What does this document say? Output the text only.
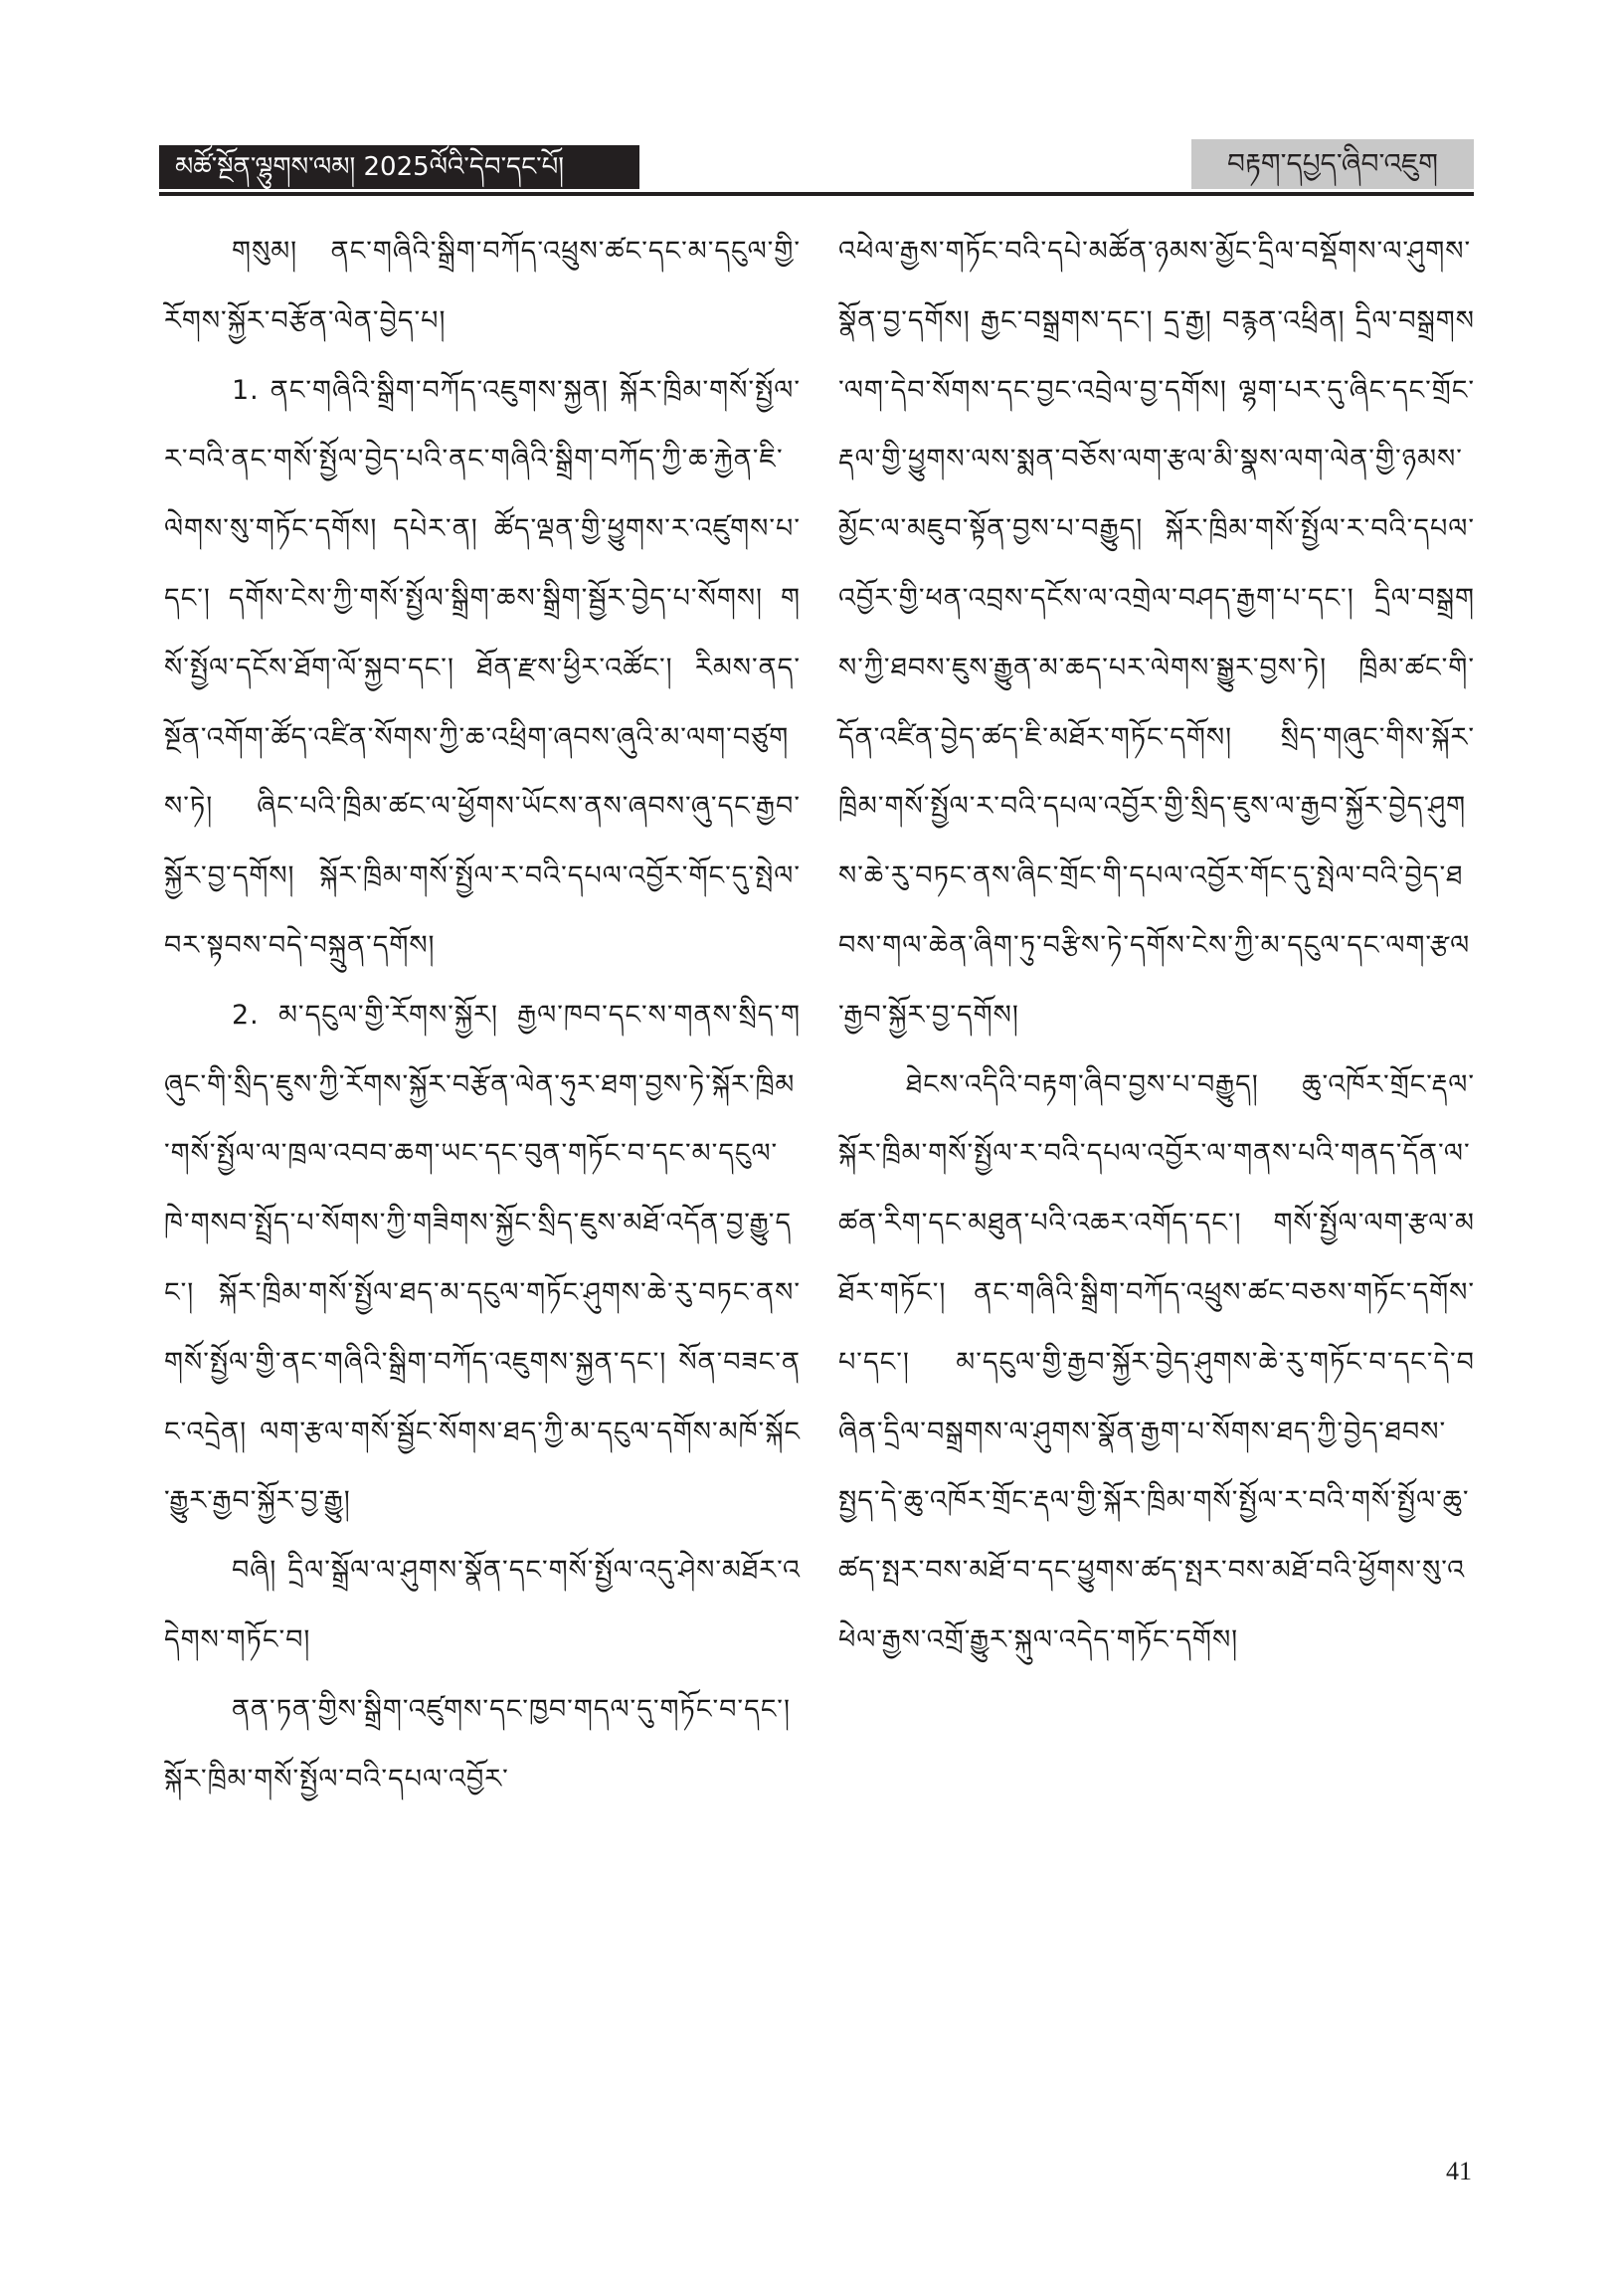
མཚོ་སྔོན་ལྷུགས་ལམ། 2025ལོའི་དེབ་དང་པོ།	བརྟག་དཔྱད་ཞིབ་འཇུག

གསུམ། ནང་གཞིའི་སྒྲིག་བཀོད་འཕྲུས་ཚང་དང་མ་དངུལ་གྱི་རོགས་སྐྱོར་བརྩོན་ལེན་བྱེད་པ།

1. ནང་གཞིའི་སྒྲིག་བཀོད་འཇུགས་སྐྱན། སྐོར་ཁྲིམ་གསོ་སྤྱོལ་ར་བའི་ནང་གསོ་སྤྱོལ་བྱེད་པའི་ནང་གཞིའི་སྒྲིག་བཀོད་ཀྱི་ཆ་རྐྱེན་ཇི་ལེགས་སུ་གཏོང་དགོས། དཔེར་ན། ཚོད་ལྡན་གྱི་ཕྱུགས་ར་འཛུགས་པ་དང་། དགོས་ངེས་ཀྱི་གསོ་སྤྱོལ་སྒྲིག་ཆས་སྒྲིག་སྦྱོར་བྱེད་པ་སོགས། གསོ་སྤྱོལ་དངོས་ཐོག་ལོ་སྐྱབ་དང་། ཐོན་རྫས་ཕྱིར་འཚོང་། རིམས་ནད་སྔོན་འགོག་ཚོད་འཛིན་སོགས་ཀྱི་ཆ་འཕྲིག་ཞབས་ཞུའི་མ་ལག་བཙུགས་ཏེ། ཞིང་པའི་ཁྲིམ་ཚང་ལ་ཕྱོགས་ཡོངས་ནས་ཞབས་ཞུ་དང་རྒྱབ་སྐྱོར་བྱ་དགོས། སྐོར་ཁྲིམ་གསོ་སྤྱོལ་ར་བའི་དཔལ་འབྱོར་གོང་དུ་སྤེལ་བར་སྟབས་བདེ་བསྐྲུན་དགོས།

2. མ་དངུལ་གྱི་རོགས་སྐྱོར། རྒྱལ་ཁབ་དང་ས་གནས་སྲིད་གཞུང་གི་སྲིད་ཇུས་ཀྱི་རོགས་སྐྱོར་བརྩོན་ལེན་ཧུར་ཐག་བྱས་ཏེ་སྐོར་ཁྲིམ་གསོ་སྤྱོལ་ལ་ཁྲལ་འབབ་ཆག་ཡང་དང་བུན་གཏོང་བ་དང་མ་དངུལ་ཁེ་གསབ་སྤྲོད་པ་སོགས་ཀྱི་གཟིགས་སྐྱོང་སྲིད་ཇུས་མཐོ་འདོན་བྱ་རྒྱུ་དང་། སྐོར་ཁྲིམ་གསོ་སྤྱོལ་ཐད་མ་དངུལ་གཏོང་ཤུགས་ཆེ་རུ་བཏང་ནས་གསོ་སྤྱོལ་གྱི་ནང་གཞིའི་སྒྲིག་བཀོད་འཇུགས་སྐྱན་དང་། སོན་བཟང་ནང་འདྲེན། ལག་རྩལ་གསོ་སྦྱོང་སོགས་ཐད་ཀྱི་མ་དངུལ་དགོས་མཁོ་སྐོང་རྒྱུར་རྒྱབ་སྐྱོར་བྱ་རྒྱུ།

བཞི། དྲིལ་སྒྲོལ་ལ་ཤུགས་སྣོན་དང་གསོ་སྤྱོལ་འདུ་ཤེས་མཐོར་འདེགས་གཏོང་བ།

ནན་ཏན་གྱིས་སྒྲིག་འཛུགས་དང་ཁྱབ་གདལ་དུ་གཏོང་བ་དང་། སྐོར་ཁྲིམ་གསོ་སྤྱོལ་བའི་དཔལ་འབྱོར་

འཕེལ་རྒྱས་གཏོང་བའི་དཔེ་མཚོན་ཉམས་མྱོང་དྲིལ་བསྡོགས་ལ་ཤུགས་སྣོན་བྱ་དགོས། རྒྱང་བསྒྲགས་དང་། དྲ་རྒྱ། བརྙན་འཕྲིན། དྲིལ་བསྒྲགས་ལག་དེབ་སོགས་དང་བྱང་འབྲེལ་བྱ་དགོས། ལྷག་པར་དུ་ཞིང་དང་གྲོང་རྡལ་གྱི་ཕྱུགས་ལས་སྨན་བཅོས་ལག་རྩལ་མི་སྣས་ལག་ལེན་གྱི་ཉམས་མྱོང་ལ་མཇུབ་སྟོན་བྱས་པ་བརྒྱུད། སྐོར་ཁྲིམ་གསོ་སྤྱོལ་ར་བའི་དཔལ་འབྱོར་གྱི་ཕན་འབྲས་དངོས་ལ་འགྲེལ་བཤད་རྒྱག་པ་དང་། དྲིལ་བསྒྲགས་ཀྱི་ཐབས་ཇུས་རྒྱུན་མ་ཆད་པར་ལེགས་སྒྱུར་བྱས་ཏེ། ཁྲིམ་ཚང་གི་དོན་འཛིན་བྱེད་ཚད་ཇི་མཐོར་གཏོང་དགོས། སྲིད་གཞུང་གིས་སྐོར་ཁྲིམ་གསོ་སྤྱོལ་ར་བའི་དཔལ་འབྱོར་གྱི་སྲིད་ཇུས་ལ་རྒྱབ་སྐྱོར་བྱེད་ཤུགས་ཆེ་རུ་བཏང་ནས་ཞིང་གྲོང་གི་དཔལ་འབྱོར་གོང་དུ་སྤེལ་བའི་བྱེད་ཐབས་གལ་ཆེན་ཞིག་ཏུ་བརྩིས་ཏེ་དགོས་ངེས་ཀྱི་མ་དངུལ་དང་ལག་རྩལ་རྒྱབ་སྐྱོར་བྱ་དགོས།

ཐེངས་འདིའི་བརྟག་ཞིབ་བྱས་པ་བརྒྱུད། ཆུ་འཁོར་གྲོང་རྡལ་སྐོར་ཁྲིམ་གསོ་སྤྱོལ་ར་བའི་དཔལ་འབྱོར་ལ་གནས་པའི་གནད་དོན་ལ་ཚན་རིག་དང་མཐུན་པའི་འཆར་འགོད་དང་། གསོ་སྤྱོལ་ལག་རྩལ་མཐོར་གཏོང་། ནང་གཞིའི་སྒྲིག་བཀོད་འཕྲུས་ཚང་བཅས་གཏོང་དགོས་པ་དང་། མ་དངུལ་གྱི་རྒྱབ་སྐྱོར་བྱེད་ཤུགས་ཆེ་རུ་གཏོང་བ་དང་དེ་བཞིན་དྲིལ་བསྒྲགས་ལ་ཤུགས་སྣོན་རྒྱག་པ་སོགས་ཐད་ཀྱི་བྱེད་ཐབས་སྤྱད་དེ་ཆུ་འཁོར་གྲོང་རྡལ་གྱི་སྐོར་ཁྲིམ་གསོ་སྤྱོལ་ར་བའི་གསོ་སྤྱོལ་ཆུ་ཚད་སྤར་བས་མཐོ་བ་དང་ཕྱུགས་ཚད་སྤར་བས་མཐོ་བའི་ཕྱོགས་སུ་འཕེལ་རྒྱས་འགྲོ་རྒྱུར་སྐུལ་འདེད་གཏོང་དགོས།

41
